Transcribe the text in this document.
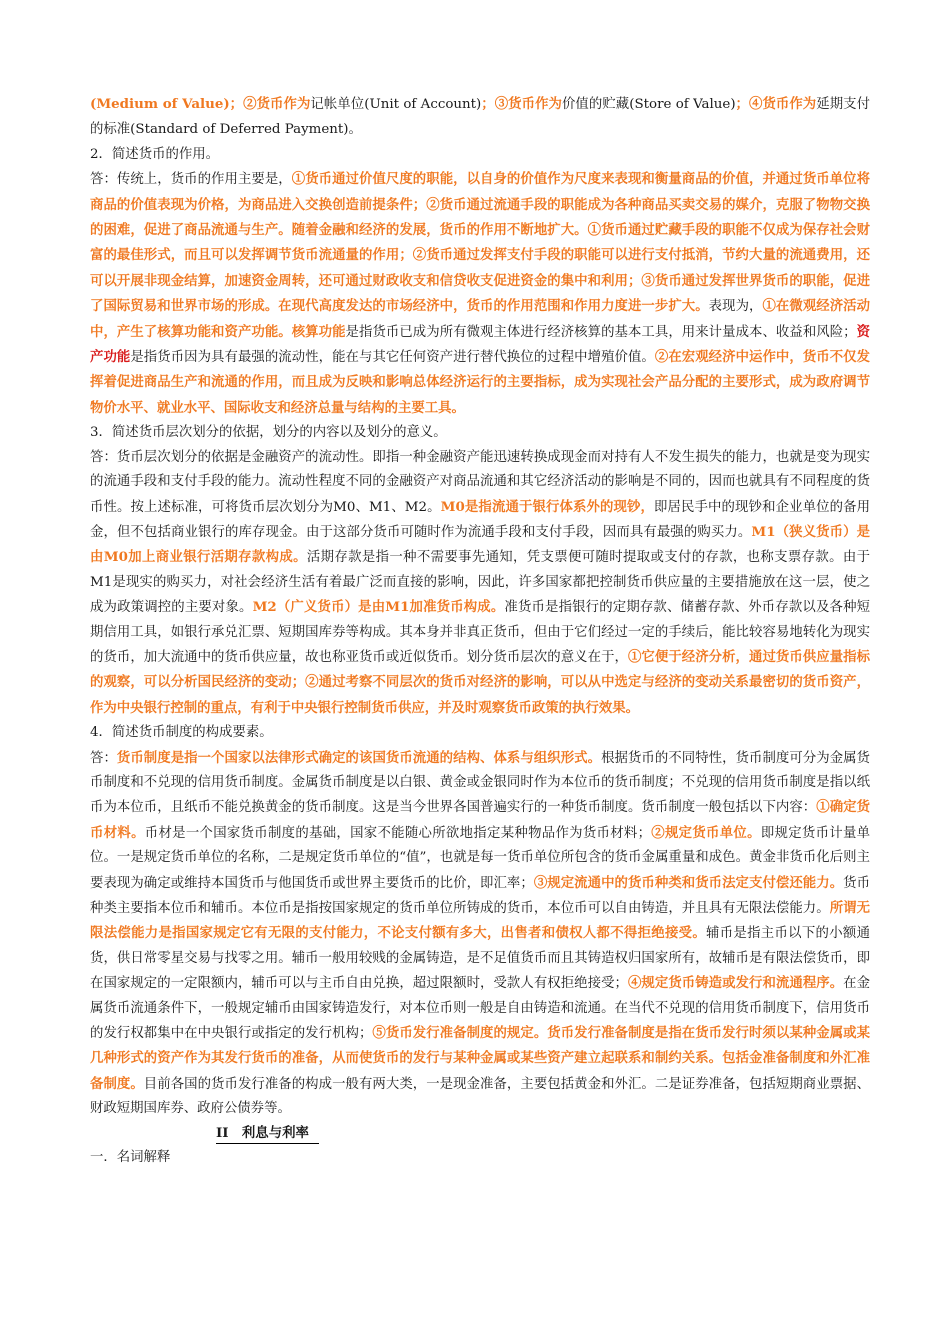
(Medium of Value)；②货币作为记帐单位(Unit of Account)；③货币作为价值的贮藏(Store of Value)；④货币作为延期支付的标准(Standard of Deferred Payment)。

2．简述货币的作用。

答：传统上，货币的作用主要是，①货币通过价值尺度的职能，以自身的价值作为尺度来表现和衡量商品的价值，并通过货币单位将商品的价值表现为价格，为商品进入交换创造前提条件；②货币通过流通手段的职能成为各种商品买卖交易的媒介，克服了物物交换的困难，促进了商品流通与生产。随着金融和经济的发展，货币的作用不断地扩大。①货币通过贮藏手段的职能不仅成为保存社会财富的最佳形式，而且可以发挥调节货币流通量的作用；②货币通过发挥支付手段的职能可以进行支付抵消，节约大量的流通费用，还可以开展非现金结算，加速资金周转，还可通过财政收支和信贷收支促进资金的集中和利用；③货币通过发挥世界货币的职能，促进了国际贸易和世界市场的形成。在现代高度发达的市场经济中，货币的作用范围和作用力度进一步扩大。表现为，①在微观经济活动中，产生了核算功能和资产功能。核算功能是指货币已成为所有微观主体进行经济核算的基本工具，用来计量成本、收益和风险；资产功能是指货币因为具有最强的流动性，能在与其它任何资产进行替代换位的过程中增殖价值。②在宏观经济中运作中，货币不仅发挥着促进商品生产和流通的作用，而且成为反映和影响总体经济运行的主要指标，成为实现社会产品分配的主要形式，成为政府调节物价水平、就业水平、国际收支和经济总量与结构的主要工具。

3．简述货币层次划分的依据，划分的内容以及划分的意义。

答：货币层次划分的依据是金融资产的流动性。即指一种金融资产能迅速转换成现金而对持有人不发生损失的能力，也就是变为现实的流通手段和支付手段的能力。流动性程度不同的金融资产对商品流通和其它经济活动的影响是不同的，因而也就具有不同程度的货币性。按上述标准，可将货币层次划分为M0、M1、M2。M0是指流通于银行体系外的现钞，即居民手中的现钞和企业单位的备用金，但不包括商业银行的库存现金。由于这部分货币可随时作为流通手段和支付手段，因而具有最强的购买力。M1（狭义货币）是由M0加上商业银行活期存款构成。活期存款是指一种不需要事先通知，凭支票便可随时提取或支付的存款，也称支票存款。由于M1是现实的购买力，对社会经济生活有着最广泛而直接的影响，因此，许多国家都把控制货币供应量的主要措施放在这一层，使之成为政策调控的主要对象。M2（广义货币）是由M1加准货币构成。准货币是指银行的定期存款、储蓄存款、外币存款以及各种短期信用工具，如银行承兑汇票、短期国库券等构成。其本身并非真正货币，但由于它们经过一定的手续后，能比较容易地转化为现实的货币，加大流通中的货币供应量，故也称亚货币或近似货币。划分货币层次的意义在于，①它便于经济分析，通过货币供应量指标的观察，可以分析国民经济的变动；②通过考察不同层次的货币对经济的影响，可以从中选定与经济的变动关系最密切的货币资产，作为中央银行控制的重点，有利于中央银行控制货币供应，并及时观察货币政策的执行效果。

4．简述货币制度的构成要素。

答：货币制度是指一个国家以法律形式确定的该国货币流通的结构、体系与组织形式。根据货币的不同特性，货币制度可分为金属货币制度和不兑现的信用货币制度。金属货币制度是以白银、黄金或金银同时作为本位币的货币制度；不兑现的信用货币制度是指以纸币为本位币，且纸币不能兑换黄金的货币制度。这是当今世界各国普遍实行的一种货币制度。货币制度一般包括以下内容：①确定货币材料。币材是一个国家货币制度的基础，国家不能随心所欲地指定某种物品作为货币材料；②规定货币单位。即规定货币计量单位。一是规定货币单位的名称，二是规定货币单位的“值”，也就是每一货币单位所包含的货币金属重量和成色。黄金非货币化后则主要表现为确定或维持本国货币与他国货币或世界主要货币的比价，即汇率；③规定流通中的货币种类和货币法定支付偿还能力。货币种类主要指本位币和辅币。本位币是指按国家规定的货币单位所铸成的货币，本位币可以自由铸造，并且具有无限法偿能力。所谓无限法偿能力是指国家规定它有无限的支付能力，不论支付额有多大，出售者和债权人都不得拒绝接受。辅币是指主币以下的小额通货，供日常零星交易与找零之用。辅币一般用较贱的金属铸造，是不足值货币而且其铸造权归国家所有，故辅币是有限法偿货币，即在国家规定的一定限额内，辅币可以与主币自由兑换，超过限额时，受款人有权拒绝接受；④规定货币铸造或发行和流通程序。在金属货币流通条件下，一般规定辅币由国家铸造发行，对本位币则一般是自由铸造和流通。在当代不兑现的信用货币制度下，信用货币的发行权都集中在中央银行或指定的发行机构；⑤货币发行准备制度的规定。货币发行准备制度是指在货币发行时须以某种金属或某几种形式的资产作为其发行货币的准备，从而使货币的发行与某种金属或某些资产建立起联系和制约关系。包括金准备制度和外汇准备制度。目前各国的货币发行准备的构成一般有两大类，一是现金准备，主要包括黄金和外汇。二是证券准备，包括短期商业票据、财政短期国库券、政府公债券等。

II　利息与利率

一．名词解释
